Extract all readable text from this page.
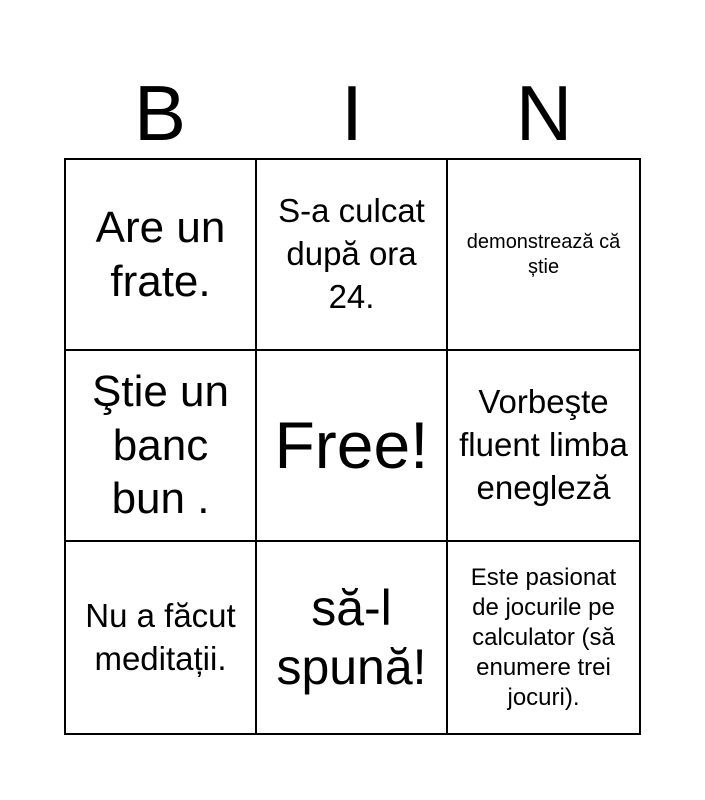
B	I	N
Are un frate.
S-a culcat după ora 24.
demonstrează că știe
Ştie un banc bun .
Free!
Vorbeşte fluent limba enegleză
Nu a făcut meditații.
să-l spună!
Este pasionat de jocurile pe calculator (să enumere trei jocuri).
